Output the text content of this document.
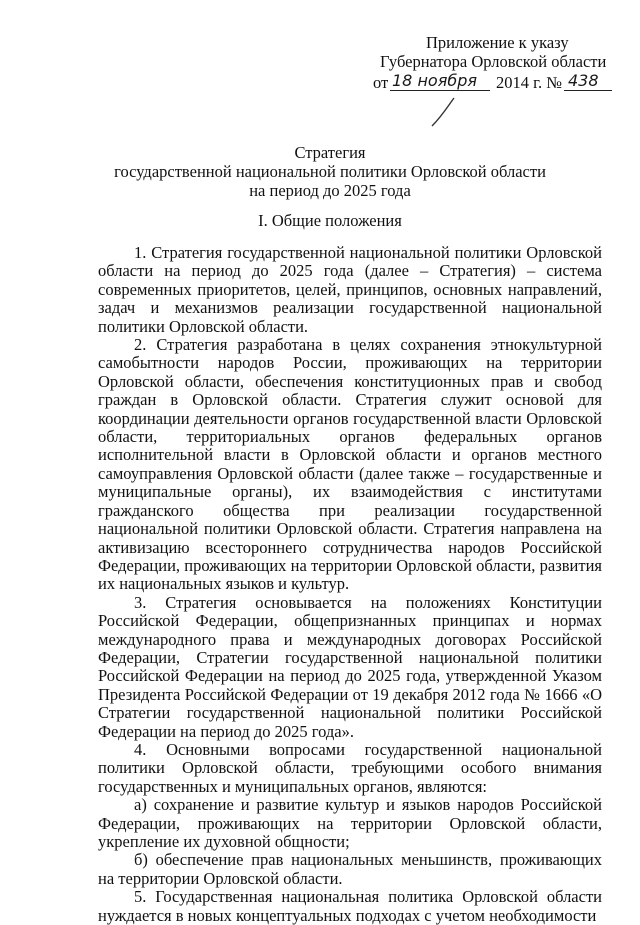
Приложение к указу
Губернатора Орловской области
от 18 ноября 2014 г. № 438
Стратегия
государственной национальной политики Орловской области
на период до 2025 года
I. Общие положения

1. Стратегия государственной национальной политики Орловской области на период до 2025 года (далее – Стратегия) – система современных приоритетов, целей, принципов, основных направлений, задач и механизмов реализации государственной национальной политики Орловской области.

2. Стратегия разработана в целях сохранения этнокультурной самобытности народов России, проживающих на территории Орловской области, обеспечения конституционных прав и свобод граждан в Орловской области. Стратегия служит основой для координации деятельности органов государственной власти Орловской области, территориальных органов федеральных органов исполнительной власти в Орловской области и органов местного самоуправления Орловской области (далее также – государственные и муниципальные органы), их взаимодействия с институтами гражданского общества при реализации государственной национальной политики Орловской области. Стратегия направлена на активизацию всестороннего сотрудничества народов Российской Федерации, проживающих на территории Орловской области, развития их национальных языков и культур.

3. Стратегия основывается на положениях Конституции Российской Федерации, общепризнанных принципах и нормах международного права и международных договорах Российской Федерации, Стратегии государственной национальной политики Российской Федерации на период до 2025 года, утвержденной Указом Президента Российской Федерации от 19 декабря 2012 года № 1666 «О Стратегии государственной национальной политики Российской Федерации на период до 2025 года».

4. Основными вопросами государственной национальной политики Орловской области, требующими особого внимания государственных и муниципальных органов, являются:

а) сохранение и развитие культур и языков народов Российской Федерации, проживающих на территории Орловской области, укрепление их духовной общности;

б) обеспечение прав национальных меньшинств, проживающих на территории Орловской области.

5. Государственная национальная политика Орловской области нуждается в новых концептуальных подходах с учетом необходимости
